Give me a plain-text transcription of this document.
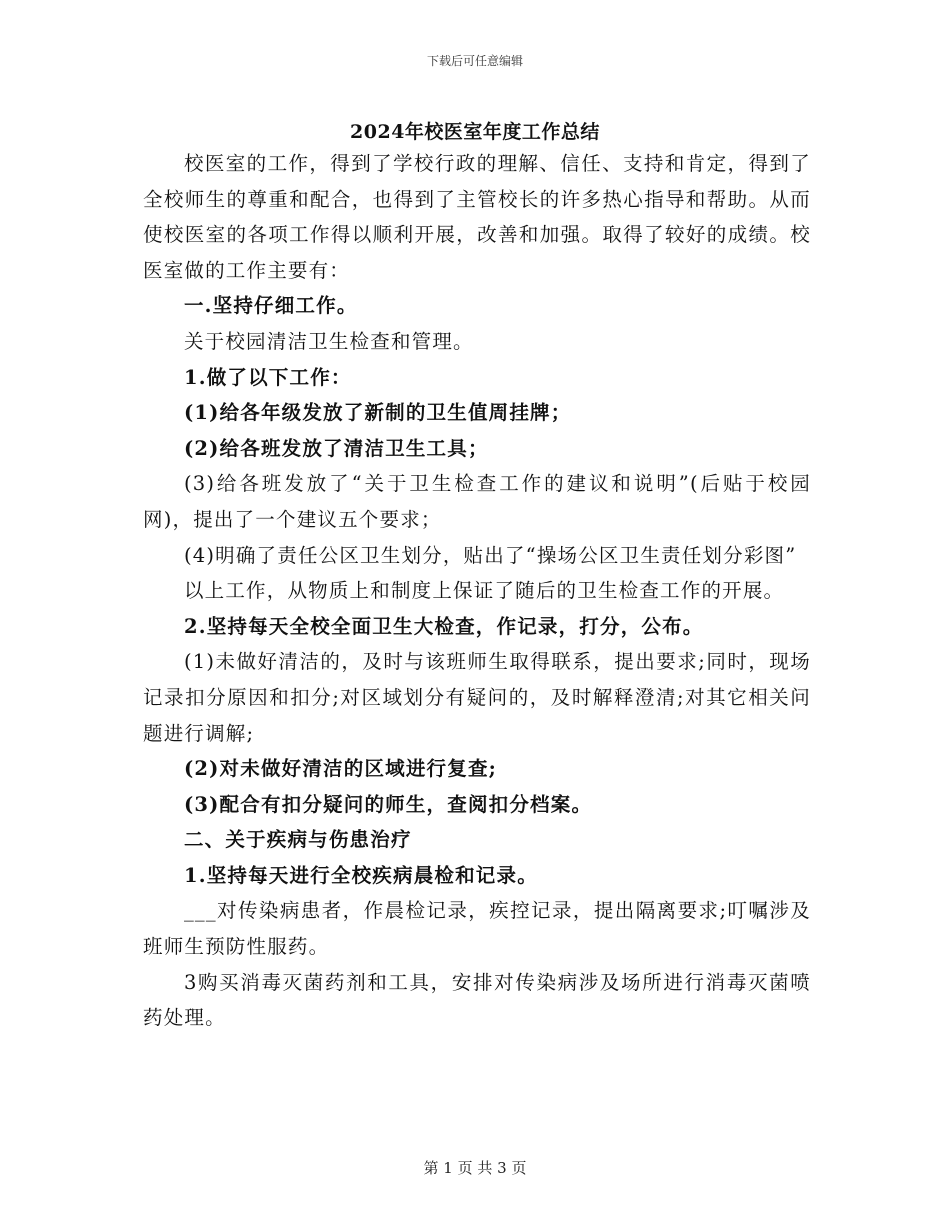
下载后可任意编辑
2024年校医室年度工作总结

校医室的工作，得到了学校行政的理解、信任、支持和肯定，得到了全校师生的尊重和配合，也得到了主管校长的许多热心指导和帮助。从而使校医室的各项工作得以顺利开展，改善和加强。取得了较好的成绩。校医室做的工作主要有：

一.坚持仔细工作。

关于校园清洁卫生检查和管理。

1.做了以下工作：

(1)给各年级发放了新制的卫生值周挂牌；

(2)给各班发放了清洁卫生工具；

(3)给各班发放了“关于卫生检查工作的建议和说明”(后贴于校园网)，提出了一个建议五个要求；

(4)明确了责任公区卫生划分，贴出了“操场公区卫生责任划分彩图”

以上工作，从物质上和制度上保证了随后的卫生检查工作的开展。

2.坚持每天全校全面卫生大检查，作记录，打分，公布。

(1)未做好清洁的，及时与该班师生取得联系，提出要求;同时，现场记录扣分原因和扣分;对区域划分有疑问的，及时解释澄清;对其它相关问题进行调解;

(2)对未做好清洁的区域进行复查;

(3)配合有扣分疑问的师生，查阅扣分档案。

二、关于疾病与伤患治疗

1.坚持每天进行全校疾病晨检和记录。

___对传染病患者，作晨检记录，疾控记录，提出隔离要求;叮嘱涉及班师生预防性服药。

3购买消毒灭菌药剂和工具，安排对传染病涉及场所进行消毒灭菌喷药处理。

第 1 页 共 3 页
